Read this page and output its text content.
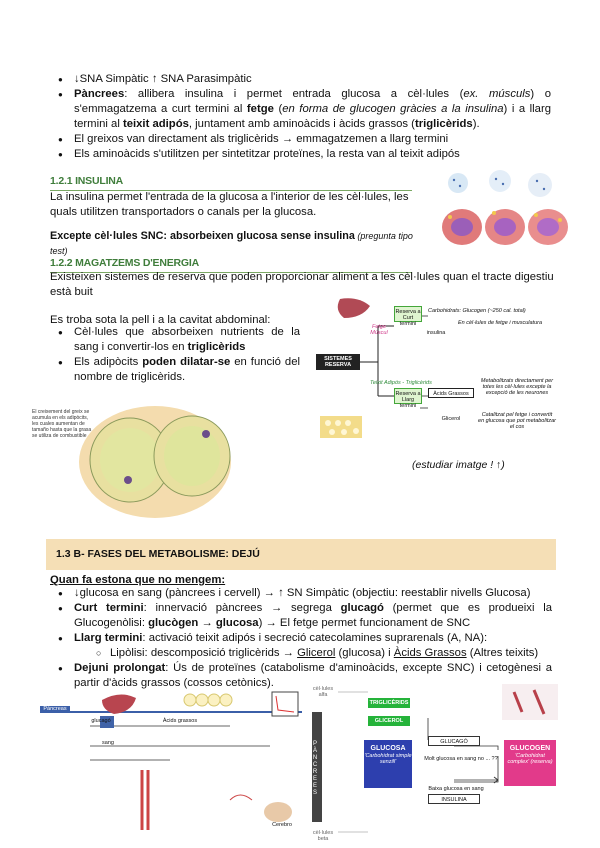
● ↓SNA Simpàtic ↑ SNA Parasimpàtic
● Pàncrees: allibera insulina i permet entrada glucosa a cèl·lules (ex. músculs) o s'emmagatzema a curt termini al fetge (en forma de glucogen gràcies a la insulina) i a llarg termini al teixit adipós, juntament amb aminoàcids i àcids grassos (triglicèrids).
● El greixos van directament als triglicèrids → emmagatzemen a llarg termini
● Els aminoàcids s'utilitzen per sintetitzar proteïnes, la resta van al teixit adipós
1.2.1 INSULINA
La insulina permet l'entrada de la glucosa a l'interior de les cèl·lules, les quals utilitzen transportadors o canals per la glucosa.
Excepte cèl·lules SNC: absorbeixen glucosa sense insulina (pregunta tipo test)
1.2.2 MAGATZEMS D'ENERGIA
Existeixen sistemes de reserva que poden proporcionar aliment a les cèl·lules quan el tracte digestiu està buit
Es troba sota la pell i a la cavitat abdominal:
● Cèl·lules que absorbeixen nutrients de la sang i convertir-los en triglicèrids
● Els adipòcits poden dilatar-se en funció del nombre de triglicèrids.
El creixement del greix se acumula en els adipòcits, les cuales aumentan de tamaño hasta que la grasa se utiliza de combustible
SISTEMES RESERVA
Reserva a Curt termini
Fetge Múscul
Carbohidrats: Glucogen (~250 cal. total)
En cèl·lules de fetge i musculatura
insulina
Teixit Adipós - Triglicèrids
Reserva a Llarg termini
Àcids Grassos
Metabolitzats directament per totes les cèl·lules excepte la excepció de les neurones
Glicerol
Catalitzat pel fetge i convertit en glucosa que pot metabolitzar el cos
(estudiar imatge ! ↑)
1.3 B- FASES DEL METABOLISME: DEJÚ
Quan fa estona que no mengem:
● ↓glucosa en sang (pàncrees i cervell) → ↑ SN Simpàtic (objectiu: reestablir nivells Glucosa)
● Curt termini: innervació pàncrees → segrega glucagó (permet que es produeixi la Glucogenòlisi: glucògen → glucosa) → El fetge permet funcionament de SNC
● Llarg termini: activació teixit adipós i secreció catecolamines suprarenals (A, NA):
○ Lipòlisi: descomposició triglicèrids → Glicerol (glucosa) i Àcids Grassos (Altres teixits)
● Dejuni prolongat: Ús de proteïnes (catabolisme d'aminoàcids, excepte SNC) i cetogènesi a partir d'àcids grassos (cossos cetònics).
Páncreas
glucagó
sang
Àcids grassos
Cerebro
cèl·lules alfa
cèl·lules beta
PÀNCREES
TRIGLICÈRIDS
GLICEROL
GLUCOSA
'Carbohidrat simple senzill'
GLUCAGÓ
Molt glucosa en sang no ... ??
Baixa glucosa en sang
INSULINA
GLUCOGEN
'Carbohidrat complex' (reserva)
